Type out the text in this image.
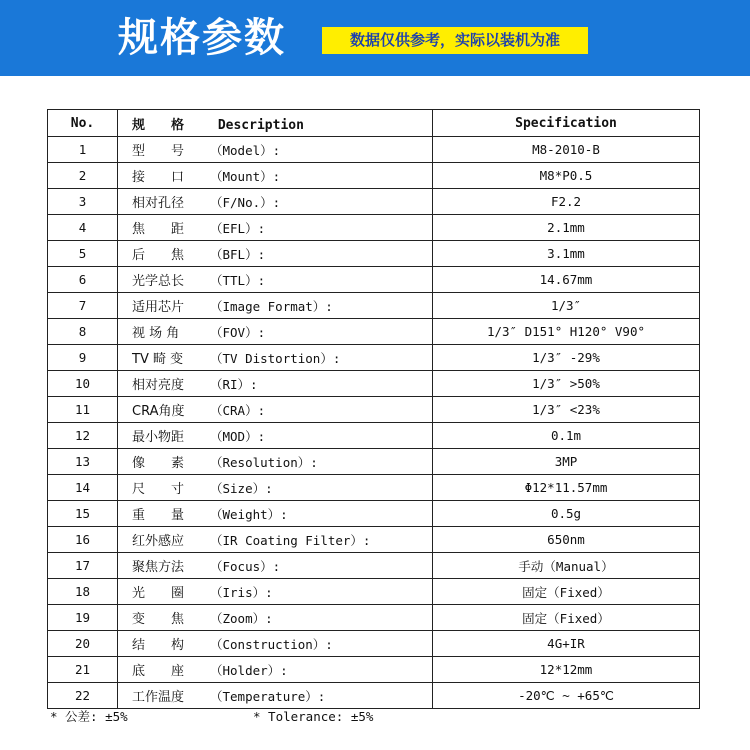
规格参数	数据仅供参考，实际以装机为准
No.	规　　格 Description	Specification
1	型　　号 （Model）:	M8-2010-B
2	接　　口 （Mount）:	M8*P0.5
3	相对孔径 （F/No.）:	F2.2
4	焦　　距 （EFL）:	2.1mm
5	后　　焦 （BFL）:	3.1mm
6	光学总长 （TTL）:	14.67mm
7	适用芯片 （Image Format）:	1/3″
8	视 场 角 （FOV）:	1/3″ D151° H120° V90°
9	TV 畸 变 （TV Distortion）:	1/3″ -29%
10	相对亮度 （RI）:	1/3″ >50%
11	CRA角度 （CRA）:	1/3″ <23%
12	最小物距 （MOD）:	0.1m
13	像　　素 （Resolution）:	3MP
14	尺　　寸 （Size）:	Φ12*11.57mm
15	重　　量 （Weight）:	0.5g
16	红外感应 （IR Coating Filter）:	650nm
17	聚焦方法 （Focus）:	手动（Manual）
18	光　　圈 （Iris）:	固定（Fixed）
19	变　　焦 （Zoom）:	固定（Fixed）
20	结　　构 （Construction）:	4G+IR
21	底　　座 （Holder）:	12*12mm
22	工作温度 （Temperature）:	-20℃ ~ +65℃
* 公差: ±5%	* Tolerance: ±5%
